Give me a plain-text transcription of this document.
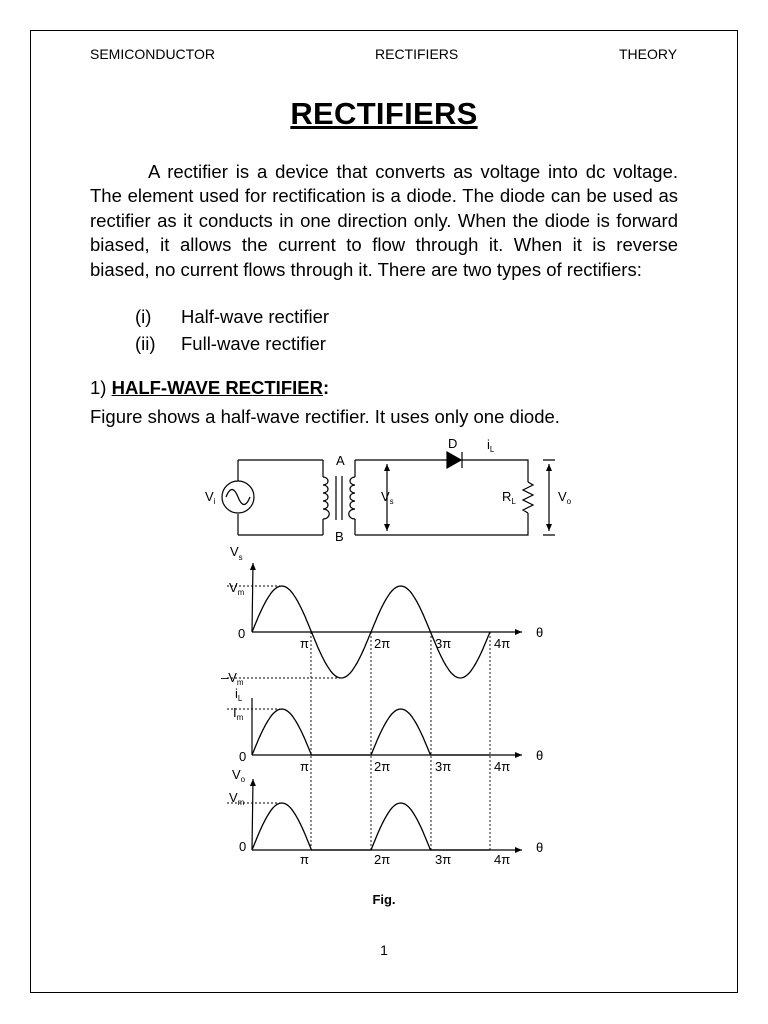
SEMICONDUCTOR	RECTIFIERS	THEORY
RECTIFIERS

A rectifier is a device that converts as voltage into dc voltage. The element used for rectification is a diode. The diode can be used as rectifier as it conducts in one direction only. When the diode is forward biased, it allows the current to flow through it. When it is reverse biased, no current flows through it. There are two types of rectifiers:

(i) Half-wave rectifier
(ii) Full-wave rectifier
1) HALF-WAVE RECTIFIER:
Figure shows a half-wave rectifier. It uses only one diode.
$V_i$
A
B
D $i_L$
$V_s$	$R_L$	$V_o$
$V_s$
$V_m$
0
$-V_m$
π	2π	3π	4π
θ
$i_L$
$I_m$
0
π	2π	3π	4π
θ
$V_o$
$V_m$
0
π	2π	3π	4π
θ
Fig.
1
